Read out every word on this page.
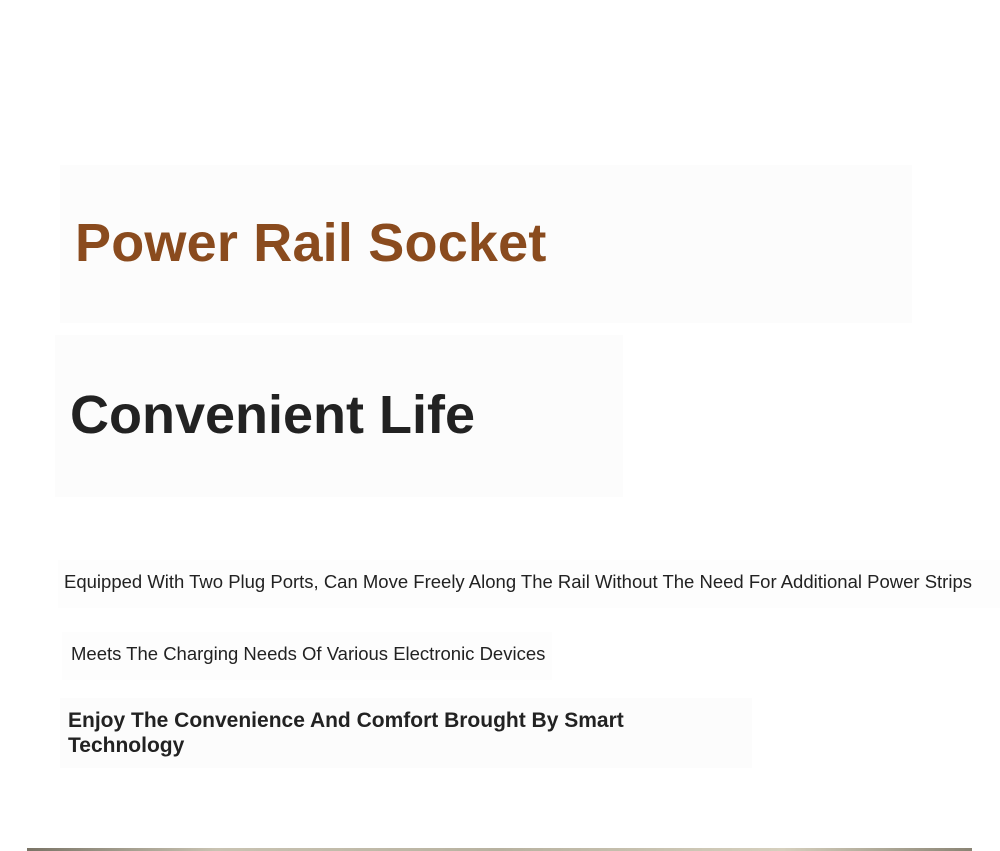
Power Rail Socket
Convenient Life

Equipped With Two Plug Ports, Can Move Freely Along The Rail Without The Need For Additional Power Strips

Meets The Charging Needs Of Various Electronic Devices

Enjoy The Convenience And Comfort Brought By Smart Technology
